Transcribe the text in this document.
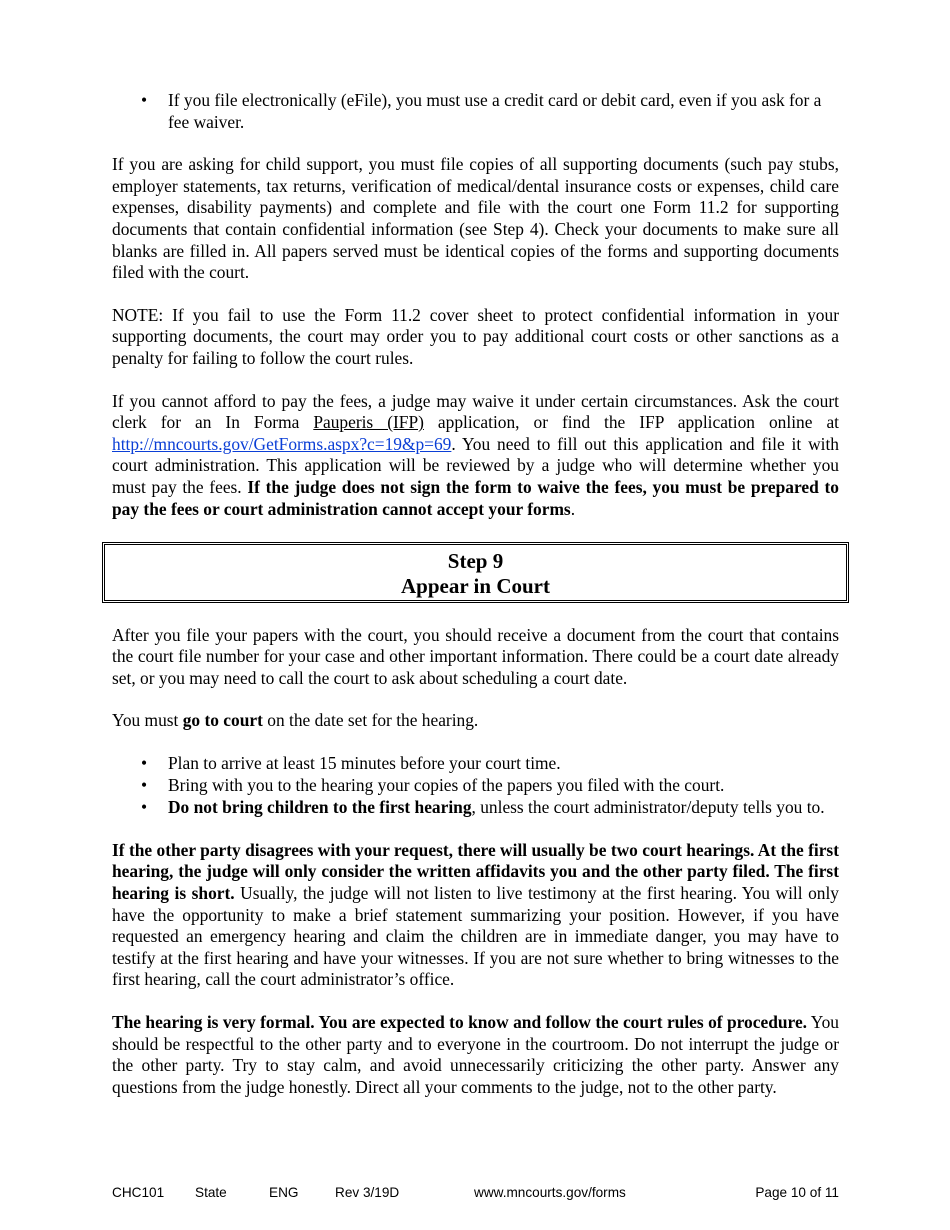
• If you file electronically (eFile), you must use a credit card or debit card, even if you ask for a fee waiver.

If you are asking for child support, you must file copies of all supporting documents (such pay stubs, employer statements, tax returns, verification of medical/dental insurance costs or expenses, child care expenses, disability payments) and complete and file with the court one Form 11.2 for supporting documents that contain confidential information (see Step 4). Check your documents to make sure all blanks are filled in. All papers served must be identical copies of the forms and supporting documents filed with the court.

NOTE: If you fail to use the Form 11.2 cover sheet to protect confidential information in your supporting documents, the court may order you to pay additional court costs or other sanctions as a penalty for failing to follow the court rules.

If you cannot afford to pay the fees, a judge may waive it under certain circumstances. Ask the court clerk for an In Forma Pauperis (IFP) application, or find the IFP application online at http://mncourts.gov/GetForms.aspx?c=19&p=69. You need to fill out this application and file it with court administration. This application will be reviewed by a judge who will determine whether you must pay the fees. If the judge does not sign the form to waive the fees, you must be prepared to pay the fees or court administration cannot accept your forms.

Step 9
Appear in Court

After you file your papers with the court, you should receive a document from the court that contains the court file number for your case and other important information. There could be a court date already set, or you may need to call the court to ask about scheduling a court date.

You must go to court on the date set for the hearing.

• Plan to arrive at least 15 minutes before your court time.
• Bring with you to the hearing your copies of the papers you filed with the court.
• Do not bring children to the first hearing, unless the court administrator/deputy tells you to.

If the other party disagrees with your request, there will usually be two court hearings. At the first hearing, the judge will only consider the written affidavits you and the other party filed. The first hearing is short. Usually, the judge will not listen to live testimony at the first hearing. You will only have the opportunity to make a brief statement summarizing your position. However, if you have requested an emergency hearing and claim the children are in immediate danger, you may have to testify at the first hearing and have your witnesses. If you are not sure whether to bring witnesses to the first hearing, call the court administrator’s office.

The hearing is very formal. You are expected to know and follow the court rules of procedure. You should be respectful to the other party and to everyone in the courtroom. Do not interrupt the judge or the other party. Try to stay calm, and avoid unnecessarily criticizing the other party. Answer any questions from the judge honestly. Direct all your comments to the judge, not to the other party.

CHC101 State	ENG	Rev 3/19D	www.mncourts.gov/forms	Page 10 of 11
